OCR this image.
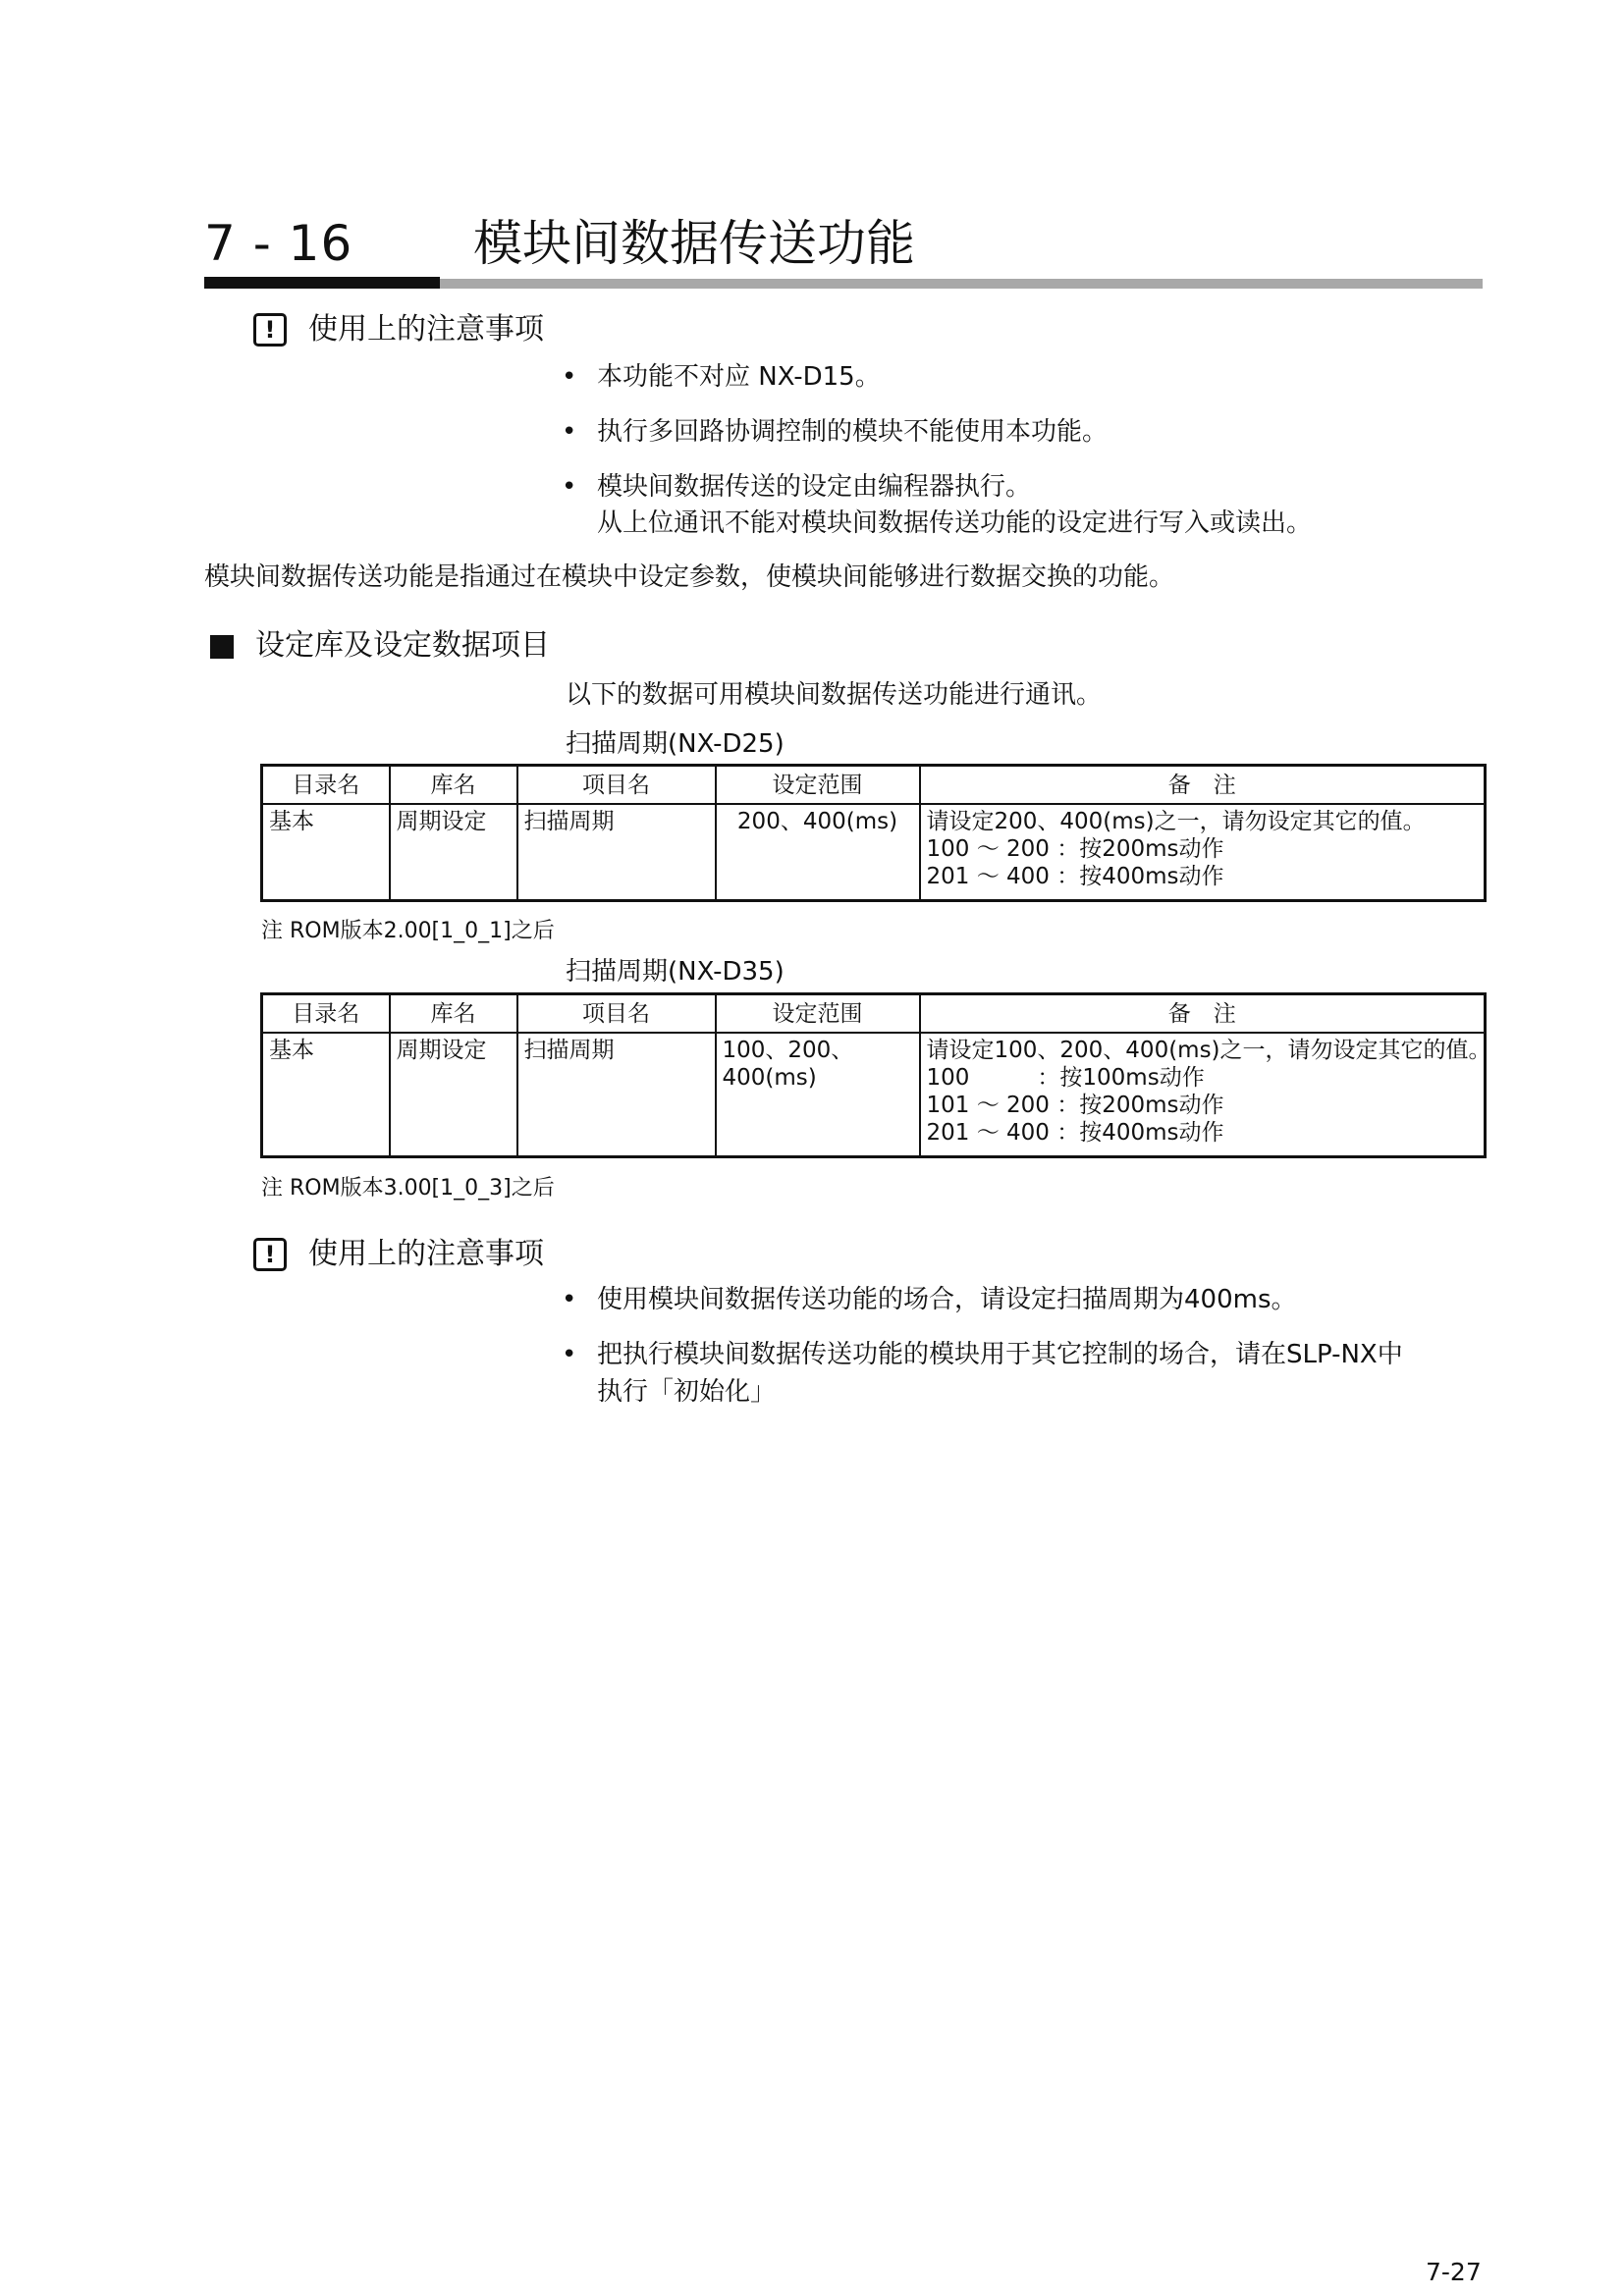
7 - 16 模块间数据传送功能
!	使用上的注意事项
• 本功能不对应 NX-D15。
• 执行多回路协调控制的模块不能使用本功能。
• 模块间数据传送的设定由编程器执行。
从上位通讯不能对模块间数据传送功能的设定进行写入或读出。
模块间数据传送功能是指通过在模块中设定参数，使模块间能够进行数据交换的功能。
设定库及设定数据项目
以下的数据可用模块间数据传送功能进行通讯。
扫描周期(NX-D25)
目录名	库名	项目名	设定范围	备　注
基本	周期设定	扫描周期	200、400(ms)	请设定200、400(ms)之一，请勿设定其它的值。
100 ～ 200 ：按200ms动作
201 ～ 400 ：按400ms动作
注 ROM版本2.00[1_0_1]之后
扫描周期(NX-D35)
目录名	库名	项目名	设定范围	备　注
基本	周期设定	扫描周期	100、200、
400(ms)	请设定100、200、400(ms)之一，请勿设定其它的值。
100　　　：按100ms动作
101 ～ 200 ：按200ms动作
201 ～ 400 ：按400ms动作
注 ROM版本3.00[1_0_3]之后
!	使用上的注意事项
• 使用模块间数据传送功能的场合，请设定扫描周期为400ms。
• 把执行模块间数据传送功能的模块用于其它控制的场合，请在SLP-NX中
执行「初始化」
7-27
